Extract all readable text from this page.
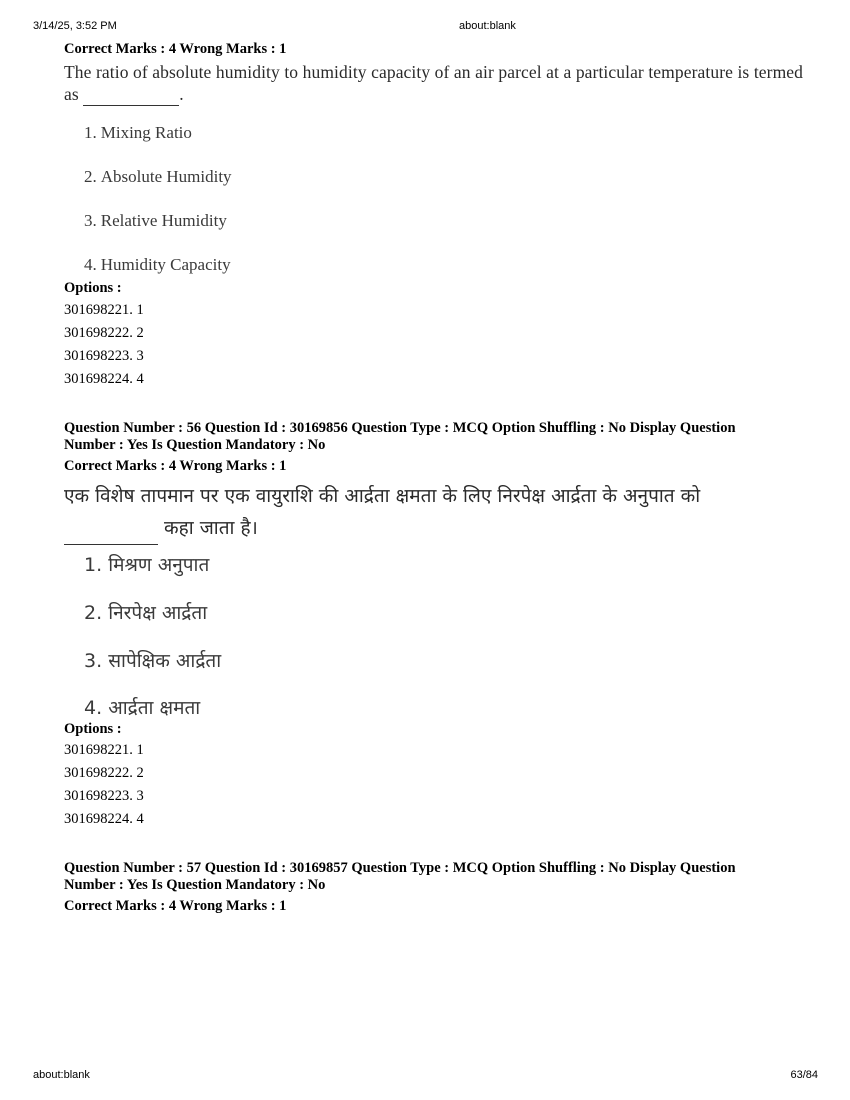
3/14/25, 3:52 PM	about:blank
Correct Marks : 4 Wrong Marks : 1
The ratio of absolute humidity to humidity capacity of an air parcel at a particular temperature is termed as	.
1. Mixing Ratio
2. Absolute Humidity
3. Relative Humidity
4. Humidity Capacity
Options :
301698221. 1
301698222. 2
301698223. 3
301698224. 4
Question Number : 56 Question Id : 30169856 Question Type : MCQ Option Shuffling : No Display Question Number : Yes Is Question Mandatory : No
Correct Marks : 4 Wrong Marks : 1
एक विशेष तापमान पर एक वायुराशि की आर्द्रता क्षमता के लिए निरपेक्ष आर्द्रता के अनुपात को
कहा जाता है।
1. मिश्रण अनुपात
2. निरपेक्ष आर्द्रता
3. सापेक्षिक आर्द्रता
4. आर्द्रता क्षमता
Options :
301698221. 1
301698222. 2
301698223. 3
301698224. 4
Question Number : 57 Question Id : 30169857 Question Type : MCQ Option Shuffling : No Display Question Number : Yes Is Question Mandatory : No
Correct Marks : 4 Wrong Marks : 1
about:blank	63/84
